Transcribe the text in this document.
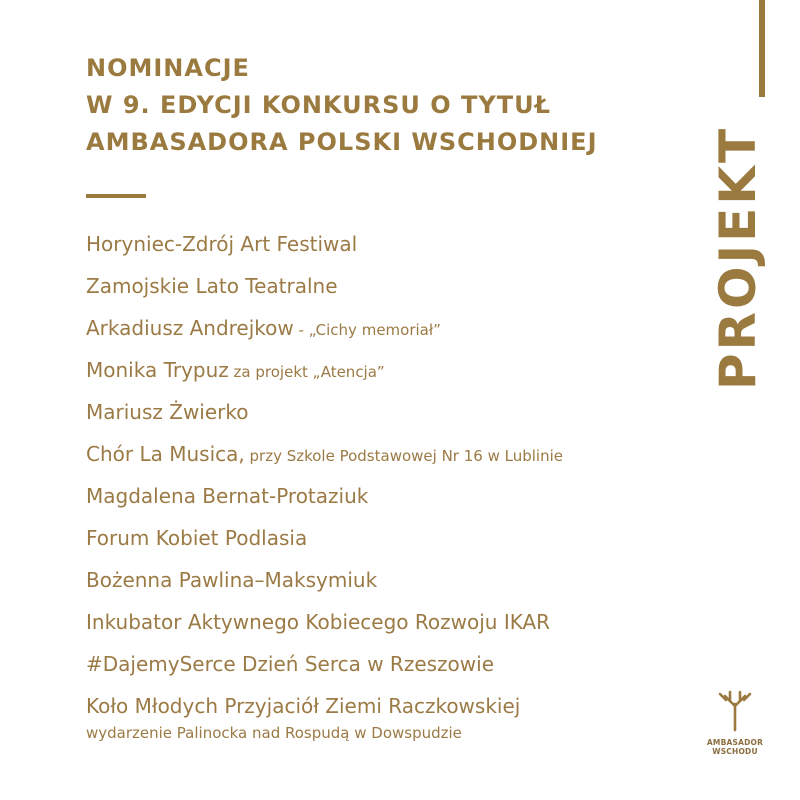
NOMINACJE
W 9. EDYCJI KONKURSU O TYTUŁ
AMBASADORA POLSKI WSCHODNIEJ PROJEKT
Horyniec-Zdrój Art Festiwal
Zamojskie Lato Teatralne
Arkadiusz Andrejkow - „Cichy memoriał”
Monika Trypuz za projekt „Atencja”
Mariusz Żwierko
Chór La Musica, przy Szkole Podstawowej Nr 16 w Lublinie
Magdalena Bernat-Protaziuk
Forum Kobiet Podlasia
Bożenna Pawlina–Maksymiuk
Inkubator Aktywnego Kobiecego Rozwoju IKAR
#DajemySerce Dzień Serca w Rzeszowie
Koło Młodych Przyjaciół Ziemi Raczkowskiej
wydarzenie Palinocka nad Rospudą w Dowspudzie
AMBASADOR
WSCHODU
